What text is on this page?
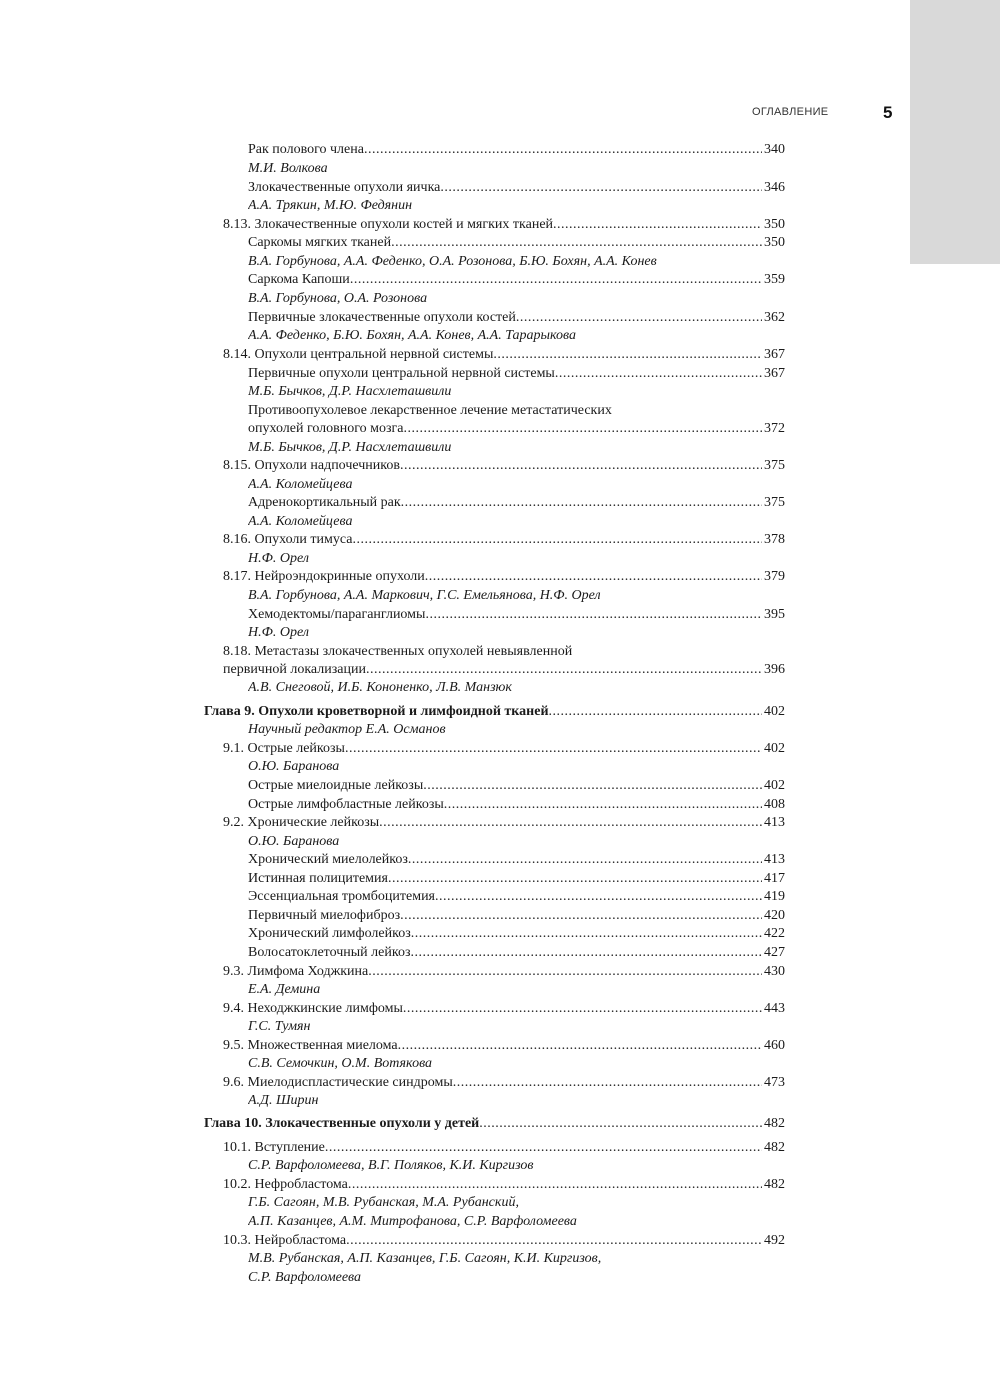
ОГЛАВЛЕНИЕ	5
Рак полового члена .....	340
М.И. Волкова
Злокачественные опухоли яичка .....	346
А.А. Трякин, М.Ю. Федянин
8.13. Злокачественные опухоли костей и мягких тканей .....	350
Саркомы мягких тканей .....	350
В.А. Горбунова, А.А. Феденко, О.А. Розонова, Б.Ю. Бохян, А.А. Конев
Саркома Капоши .....	359
В.А. Горбунова, О.А. Розонова
Первичные злокачественные опухоли костей .....	362
А.А. Феденко, Б.Ю. Бохян, А.А. Конев, А.А. Тарарыкова
8.14. Опухоли центральной нервной системы .....	367
Первичные опухоли центральной нервной системы .....	367
М.Б. Бычков, Д.Р. Насхлеташвили
Противоопухолевое лекарственное лечение метастатических
опухолей головного мозга .....	372
М.Б. Бычков, Д.Р. Насхлеташвили
8.15. Опухоли надпочечников .....	375
А.А. Коломейцева
Адренокортикальный рак .....	375
А.А. Коломейцева
8.16. Опухоли тимуса .....	378
Н.Ф. Орел
8.17. Нейроэндокринные опухоли .....	379
В.А. Горбунова, А.А. Маркович, Г.С. Емельянова, Н.Ф. Орел
Хемодектомы/параганглиомы .....	395
Н.Ф. Орел
8.18. Метастазы злокачественных опухолей невыявленной
первичной локализации .....	396
А.В. Снеговой, И.Б. Кононенко, Л.В. Манзюк
Глава 9. Опухоли кроветворной и лимфоидной тканей .....	402
Научный редактор Е.А. Османов
9.1. Острые лейкозы .....	402
О.Ю. Баранова
Острые миелоидные лейкозы .....	402
Острые лимфобластные лейкозы .....	408
9.2. Хронические лейкозы .....	413
О.Ю. Баранова
Хронический миелолейкоз .....	413
Истинная полицитемия .....	417
Эссенциальная тромбоцитемия .....	419
Первичный миелофиброз .....	420
Хронический лимфолейкоз .....	422
Волосатоклеточный лейкоз .....	427
9.3. Лимфома Ходжкина .....	430
Е.А. Демина
9.4. Неходжкинские лимфомы .....	443
Г.С. Тумян
9.5. Множественная миелома .....	460
С.В. Семочкин, О.М. Вотякова
9.6. Миелодиспластические синдромы .....	473
А.Д. Ширин
Глава 10. Злокачественные опухоли у детей .....	482
10.1. Вступление .....	482
С.Р. Варфоломеева, В.Г. Поляков, К.И. Киргизов
10.2. Нефробластома .....	482
Г.Б. Сагоян, М.В. Рубанская, М.А. Рубанский,
А.П. Казанцев, А.М. Митрофанова, С.Р. Варфоломеева
10.3. Нейробластома .....	492
М.В. Рубанская, А.П. Казанцев, Г.Б. Сагоян, К.И. Киргизов,
С.Р. Варфоломеева
